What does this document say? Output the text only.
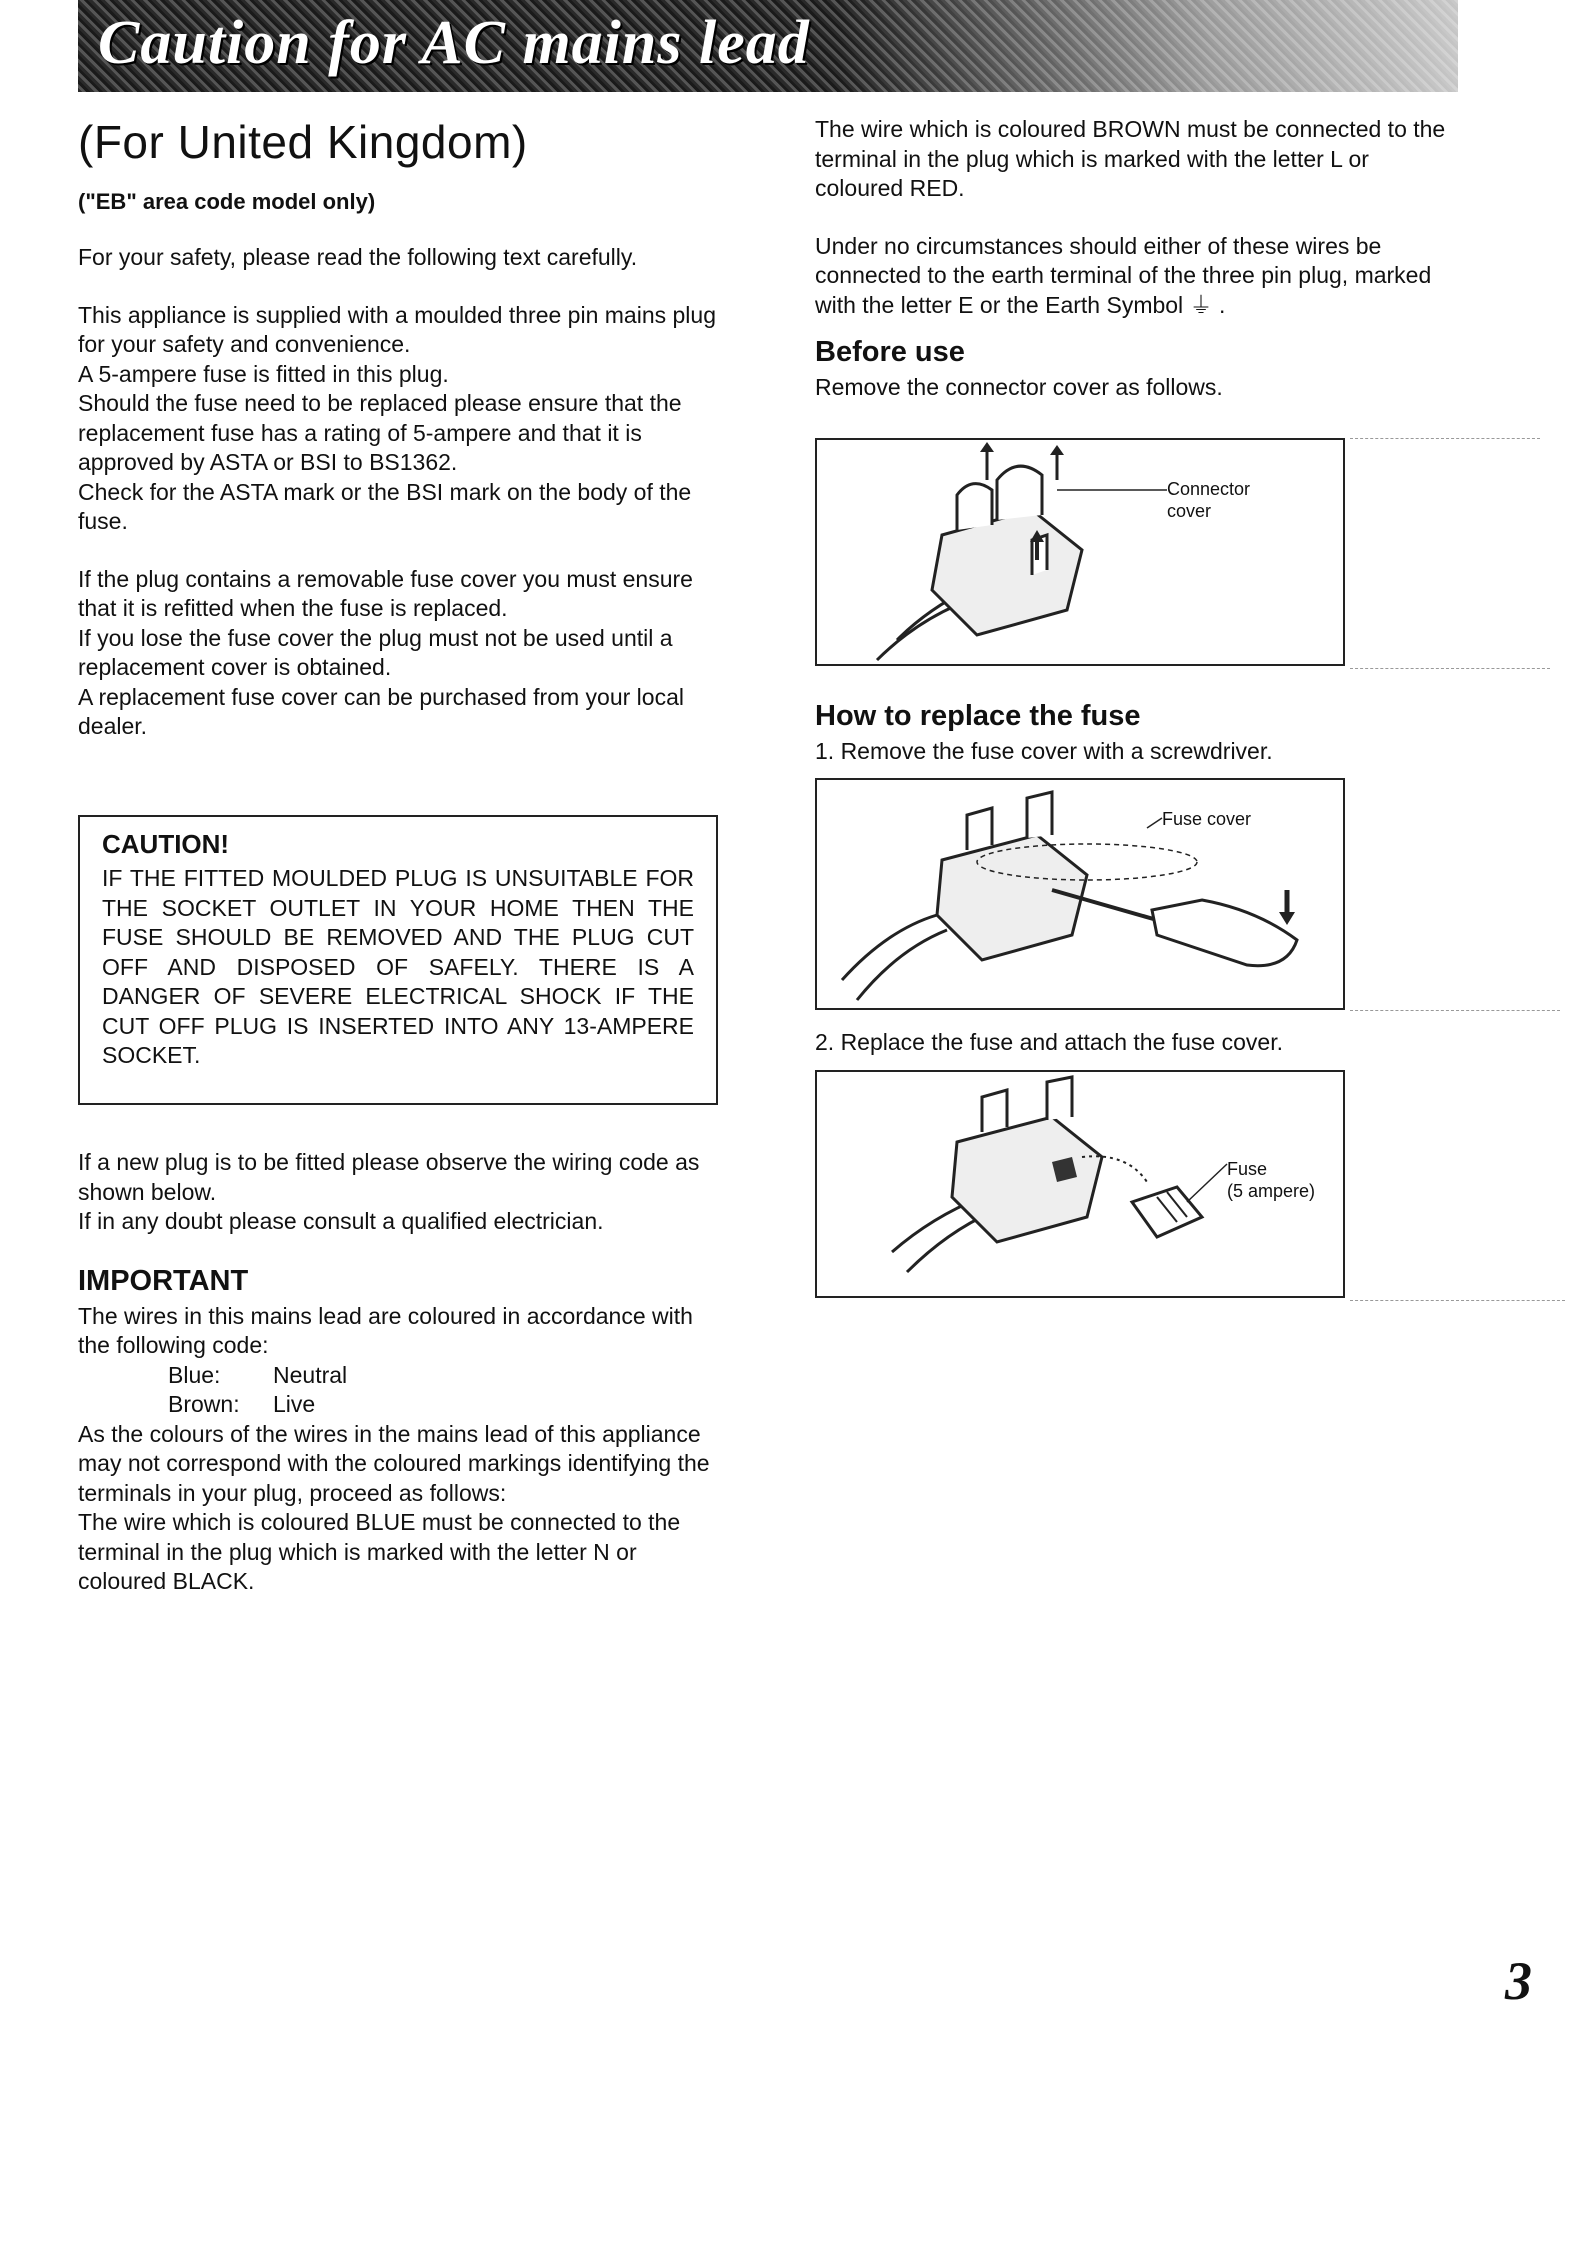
Caution for AC mains lead
(For United Kingdom)
("EB" area code model only)

For your safety, please read the following text carefully.

This appliance is supplied with a moulded three pin mains plug for your safety and convenience.
A 5-ampere fuse is fitted in this plug.
Should the fuse need to be replaced please ensure that the replacement fuse has a rating of 5-ampere and that it is approved by ASTA or BSI to BS1362.
Check for the ASTA mark or the BSI mark on the body of the fuse.

If the plug contains a removable fuse cover you must ensure that it is refitted when the fuse is replaced.
If you lose the fuse cover the plug must not be used until a replacement cover is obtained.
A replacement fuse cover can be purchased from your local dealer.

CAUTION!
IF THE FITTED MOULDED PLUG IS UNSUITABLE FOR THE SOCKET OUTLET IN YOUR HOME THEN THE FUSE SHOULD BE REMOVED AND THE PLUG CUT OFF AND DISPOSED OF SAFELY. THERE IS A DANGER OF SEVERE ELECTRICAL SHOCK IF THE CUT OFF PLUG IS INSERTED INTO ANY 13-AMPERE SOCKET.

If a new plug is to be fitted please observe the wiring code as shown below.
If in any doubt please consult a qualified electrician.

IMPORTANT

The wires in this mains lead are coloured in accordance with the following code:

Blue: Neutral
Brown: Live

As the colours of the wires in the mains lead of this appliance may not correspond with the coloured markings identifying the terminals in your plug, proceed as follows:

The wire which is coloured BLUE must be connected to the terminal in the plug which is marked with the letter N or coloured BLACK.

The wire which is coloured BROWN must be connected to the terminal in the plug which is marked with the letter L or coloured RED.

Under no circumstances should either of these wires be connected to the earth terminal of the three pin plug, marked with the letter E or the Earth Symbol ⏚ .

Before use

Remove the connector cover as follows.

Connector
cover
How to replace the fuse

1. Remove the fuse cover with a screwdriver.

Fuse cover

2. Replace the fuse and attach the fuse cover.

Fuse
(5 ampere)
3
